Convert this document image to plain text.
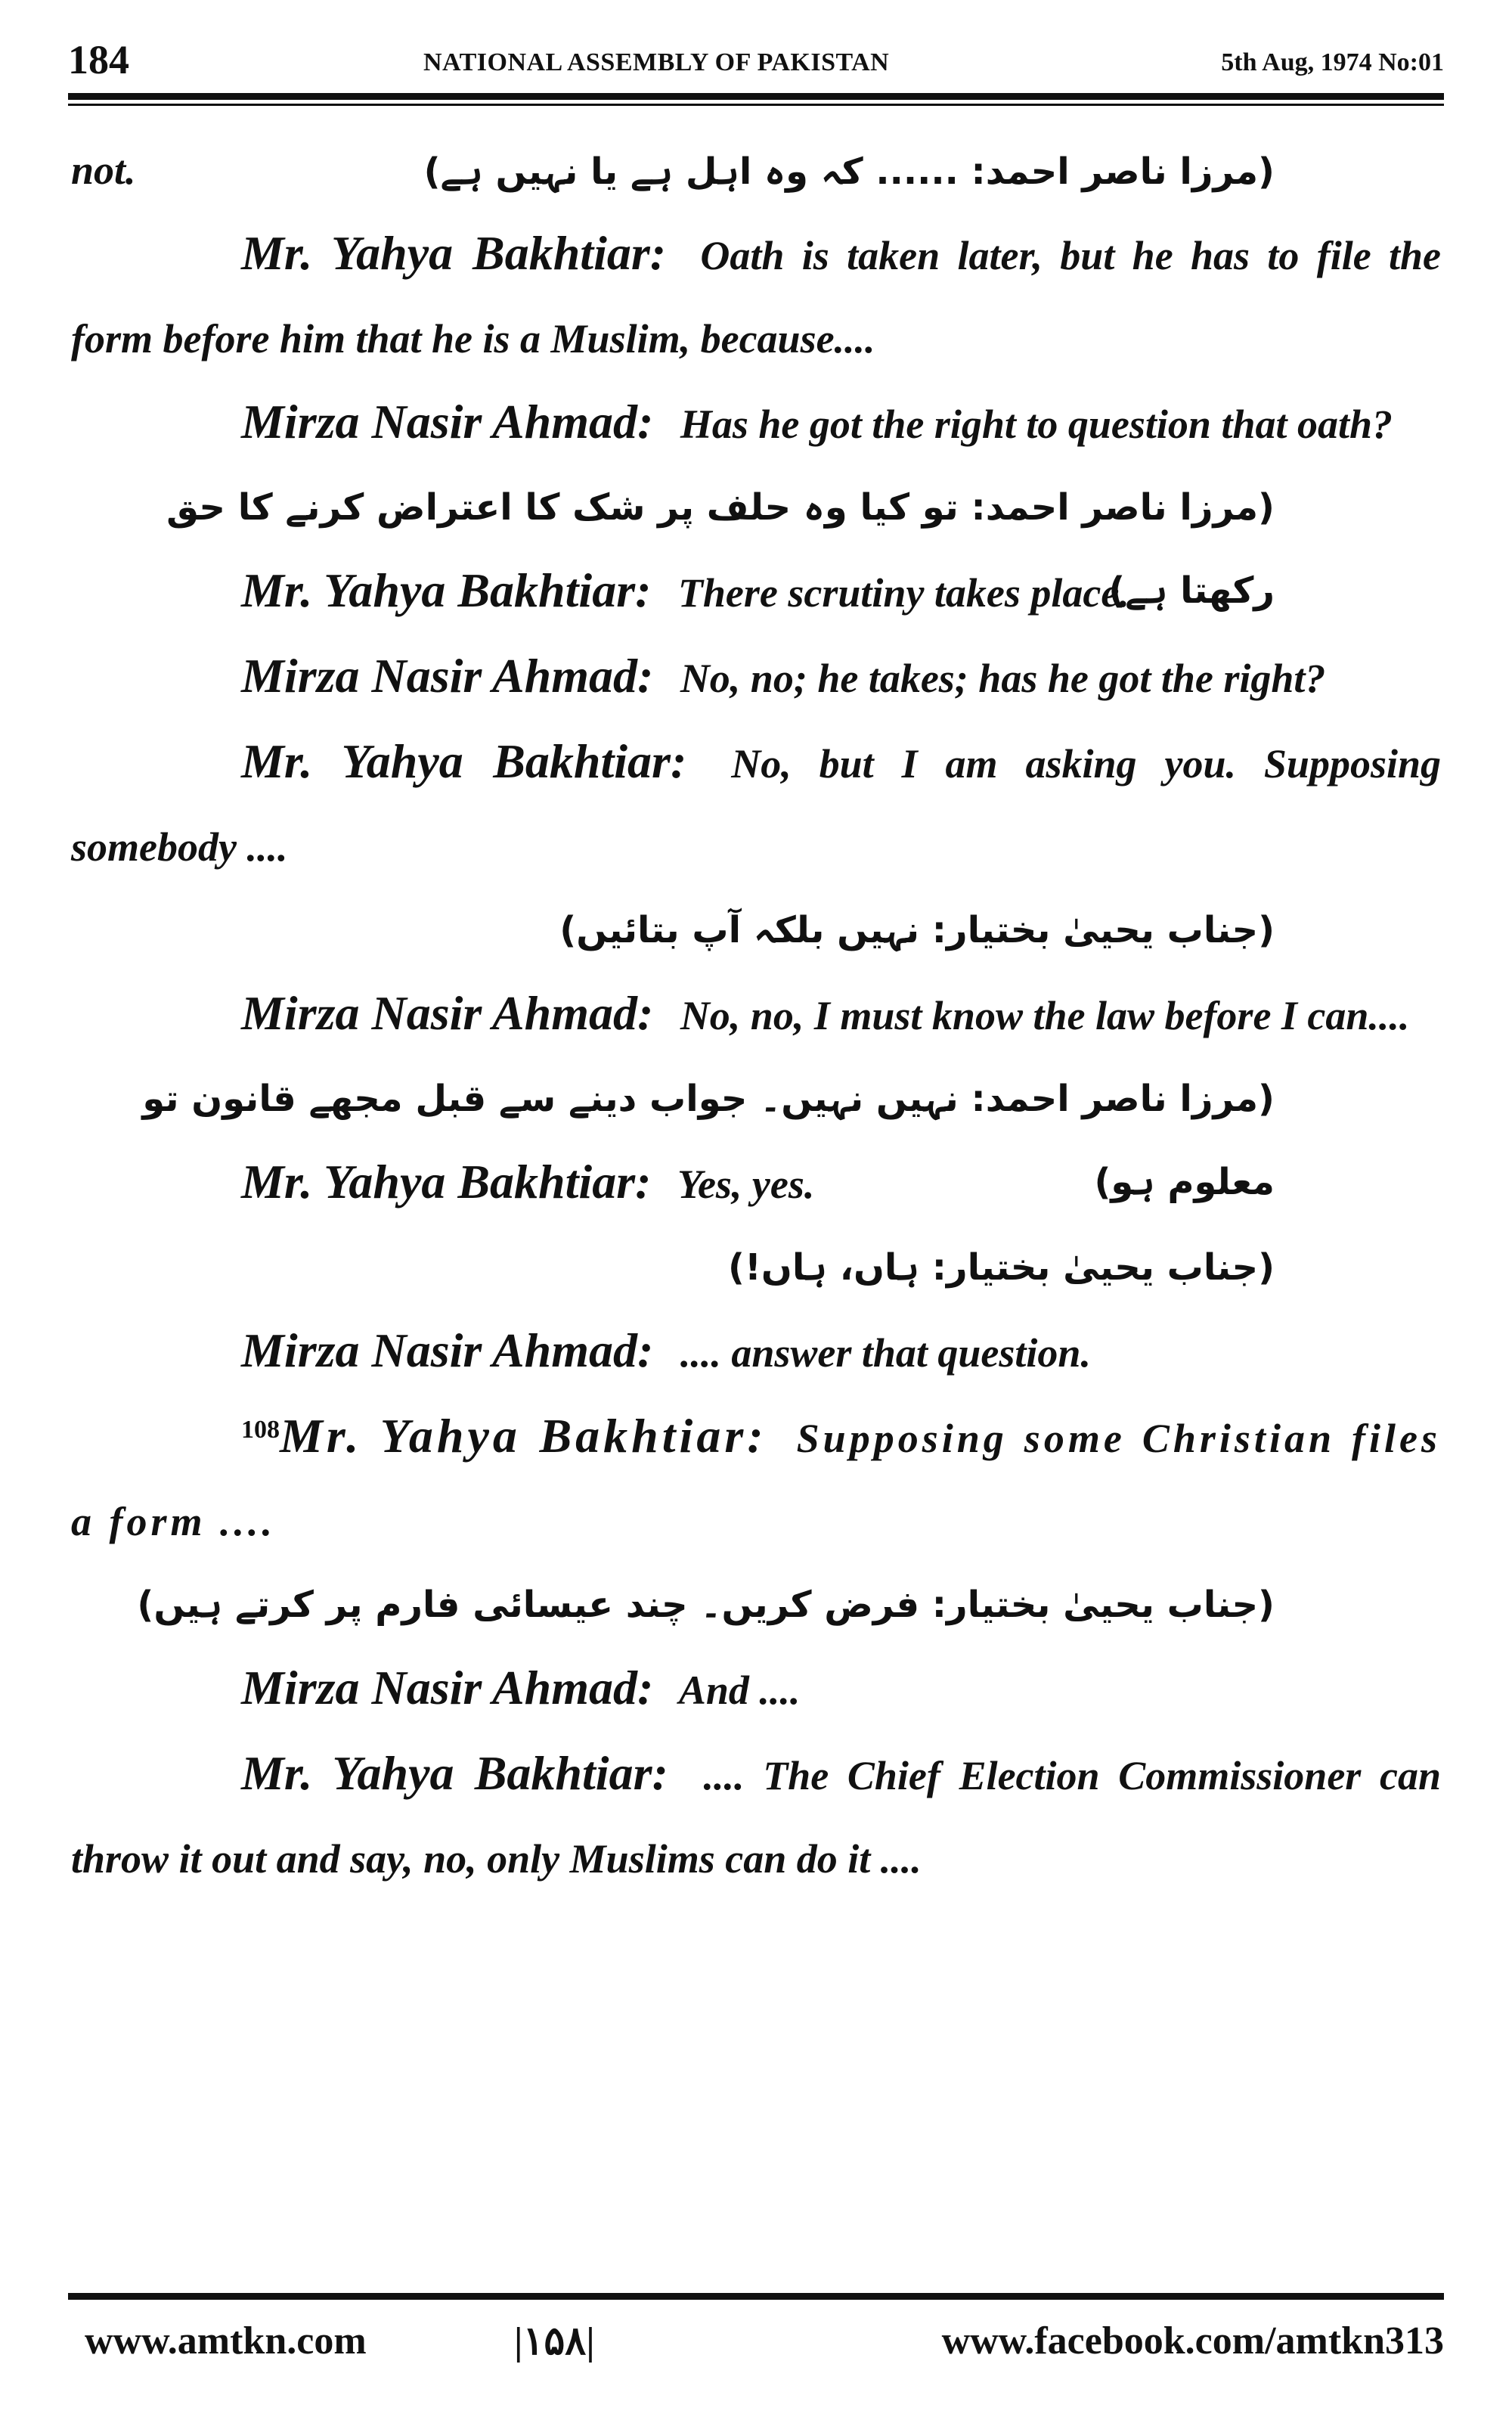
184	NATIONAL ASSEMBLY OF PAKISTAN	5th Aug, 1974 No:01
not.	(مرزا ناصر احمد: ...... کہ وہ اہل ہے یا نہیں ہے)

Mr. Yahya Bakhtiar: Oath is taken later, but he has to file the form before him that he is a Muslim, because....

Mirza Nasir Ahmad: Has he got the right to question that oath?

(مرزا ناصر احمد: تو کیا وہ حلف پر شک کا اعتراض کرنے کا حق رکھتا ہے)

Mr. Yahya Bakhtiar: There scrutiny takes place.

Mirza Nasir Ahmad: No, no; he takes; has he got the right?

Mr. Yahya Bakhtiar: No, but I am asking you. Supposing somebody ....

(جناب یحییٰ بختیار: نہیں بلکہ آپ بتائیں)

Mirza Nasir Ahmad: No, no, I must know the law before I can....

(مرزا ناصر احمد: نہیں نہیں۔ جواب دینے سے قبل مجھے قانون تو معلوم ہو)

Mr. Yahya Bakhtiar: Yes, yes.

(جناب یحییٰ بختیار: ہاں، ہاں!)

Mirza Nasir Ahmad: .... answer that question.

$^{108}$Mr. Yahya Bakhtiar: Supposing some Christian files a form ....

(جناب یحییٰ بختیار: فرض کریں۔ چند عیسائی فارم پر کرتے ہیں)

Mirza Nasir Ahmad: And ....

Mr. Yahya Bakhtiar: .... The Chief Election Commissioner can throw it out and say, no, only Muslims can do it ....

www.amtkn.com	|۱۵۸|	www.facebook.com/amtkn313
